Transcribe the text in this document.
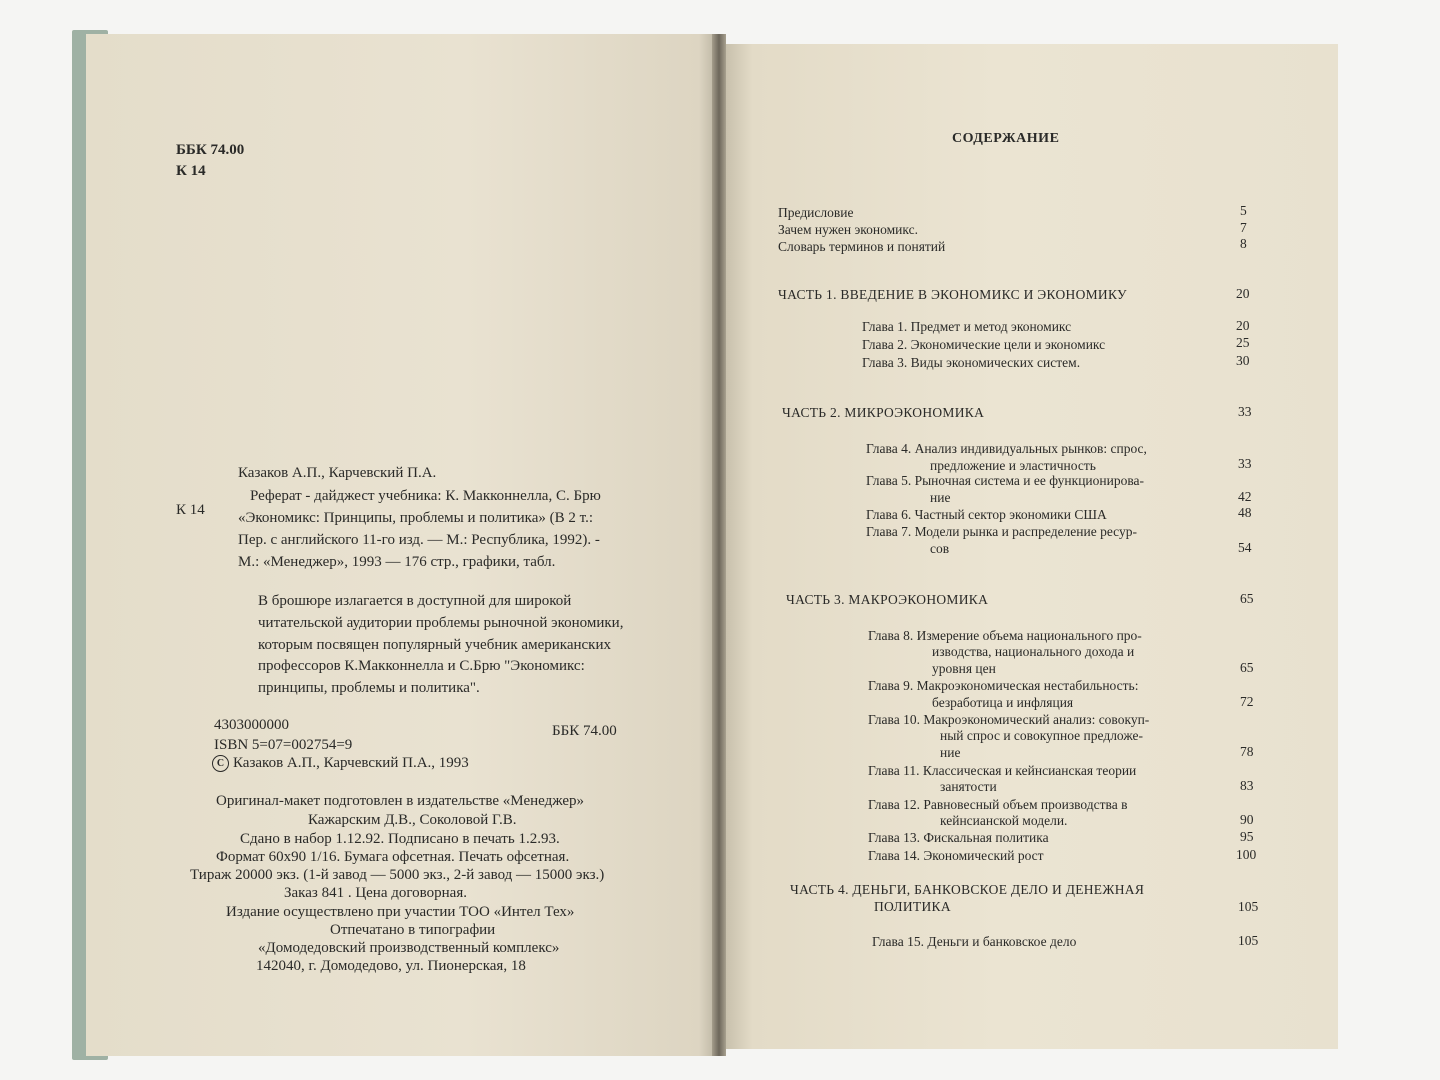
ББК 74.00
К 14
К 14
Казаков А.П., Карчевский П.А.
Реферат - дайджест учебника: К. Макконнелла, С. Брю
«Экономикс: Принципы, проблемы и политика» (В 2 т.:
Пер. с английского 11-го изд. — М.: Республика, 1992). -
М.: «Менеджер», 1993 — 176 стр., графики, табл.
В брошюре излагается в доступной для широкой
читательской аудитории проблемы рыночной экономики,
которым посвящен популярный учебник американских
профессоров К.Макконнелла и С.Брю "Экономикс:
принципы, проблемы и политика".
4303000000
ISBN 5=07=002754=9
ББК 74.00
C Казаков А.П., Карчевский П.А., 1993
Оригинал-макет подготовлен в издательстве «Менеджер»
Кажарским Д.В., Соколовой Г.В.
Сдано в набор 1.12.92. Подписано в печать 1.2.93.
Формат 60х90 1/16. Бумага офсетная. Печать офсетная.
Тираж 20000 экз. (1-й завод — 5000 экз., 2-й завод — 15000 экз.)
Заказ 841 . Цена договорная.
Издание осуществлено при участии ТОО «Интел Тех»
Отпечатано в типографии
«Домодедовский производственный комплекс»
142040, г. Домодедово, ул. Пионерская, 18
СОДЕРЖАНИЕ
Предисловие	5
Зачем нужен экономикс.	7
Словарь терминов и понятий	8
ЧАСТЬ 1. ВВЕДЕНИЕ В ЭКОНОМИКС И ЭКОНОМИКУ	20
Глава 1. Предмет и метод экономикс	20
Глава 2. Экономические цели и экономикс	25
Глава 3. Виды экономических систем.	30
ЧАСТЬ 2. МИКРОЭКОНОМИКА	33
Глава 4. Анализ индивидуальных рынков: спрос,
предложение и эластичность	33
Глава 5. Рыночная система и ее функционирова-
ние	42
Глава 6. Частный сектор экономики США	48
Глава 7. Модели рынка и распределение ресур-
сов	54
ЧАСТЬ 3. МАКРОЭКОНОМИКА	65
Глава 8. Измерение объема национального про-
изводства, национального дохода и
уровня цен	65
Глава 9. Макроэкономическая нестабильность:
безработица и инфляция	72
Глава 10. Макроэкономический анализ: совокуп-
ный спрос и совокупное предложе-
ние	78
Глава 11. Классическая и кейнсианская теории
занятости	83
Глава 12. Равновесный объем производства в
кейнсианской модели.	90
Глава 13. Фискальная политика	95
Глава 14. Экономический рост	100
ЧАСТЬ 4. ДЕНЬГИ, БАНКОВСКОЕ ДЕЛО И ДЕНЕЖНАЯ
ПОЛИТИКА	105
Глава 15. Деньги и банковское дело	105
